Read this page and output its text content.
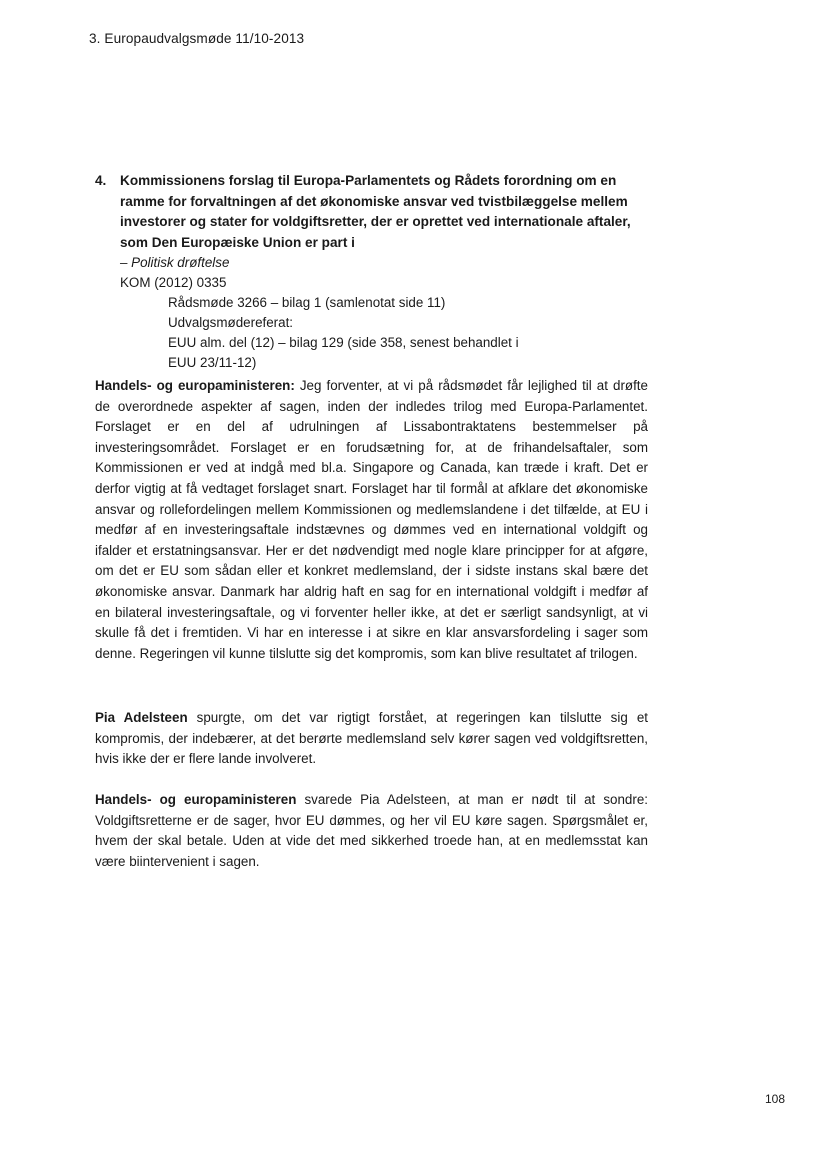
3. Europaudvalgsmøde 11/10-2013
4.	Kommissionens forslag til Europa-Parlamentets og Rådets forordning om en ramme for forvaltningen af det økonomiske ansvar ved tvistbilæggelse mellem investorer og stater for voldgiftsretter, der er oprettet ved internationale aftaler, som Den Europæiske Union er part i
– Politisk drøftelse
KOM (2012) 0335
Rådsmøde 3266 – bilag 1 (samlenotat side 11)
Udvalgsmødereferat:
EUU alm. del (12) – bilag 129 (side 358, senest behandlet i EUU 23/11-12)

Handels- og europaministeren: Jeg forventer, at vi på rådsmødet får lejlighed til at drøfte de overordnede aspekter af sagen, inden der indledes trilog med Europa-Parlamentet. Forslaget er en del af udrulningen af Lissabontraktatens bestemmelser på investeringsområdet. Forslaget er en forudsætning for, at de frihandelsaftaler, som Kommissionen er ved at indgå med bl.a. Singapore og Canada, kan træde i kraft. Det er derfor vigtig at få vedtaget forslaget snart. Forslaget har til formål at afklare det økonomiske ansvar og rollefordelingen mellem Kommissionen og medlemslandene i det tilfælde, at EU i medfør af en investeringsaftale indstævnes og dømmes ved en international voldgift og ifalder et erstatningsansvar. Her er det nødvendigt med nogle klare principper for at afgøre, om det er EU som sådan eller et konkret medlemsland, der i sidste instans skal bære det økonomiske ansvar. Danmark har aldrig haft en sag for en international voldgift i medfør af en bilateral investeringsaftale, og vi forventer heller ikke, at det er særligt sandsynligt, at vi skulle få det i fremtiden. Vi har en interesse i at sikre en klar ansvarsfordeling i sager som denne. Regeringen vil kunne tilslutte sig det kompromis, som kan blive resultatet af trilogen.

Pia Adelsteen spurgte, om det var rigtigt forstået, at regeringen kan tilslutte sig et kompromis, der indebærer, at det berørte medlemsland selv kører sagen ved voldgiftsretten, hvis ikke der er flere lande involveret.

Handels- og europaministeren svarede Pia Adelsteen, at man er nødt til at sondre: Voldgiftsretterne er de sager, hvor EU dømmes, og her vil EU køre sagen. Spørgsmålet er, hvem der skal betale. Uden at vide det med sikkerhed troede han, at en medlemsstat kan være biintervenient i sagen.

108
